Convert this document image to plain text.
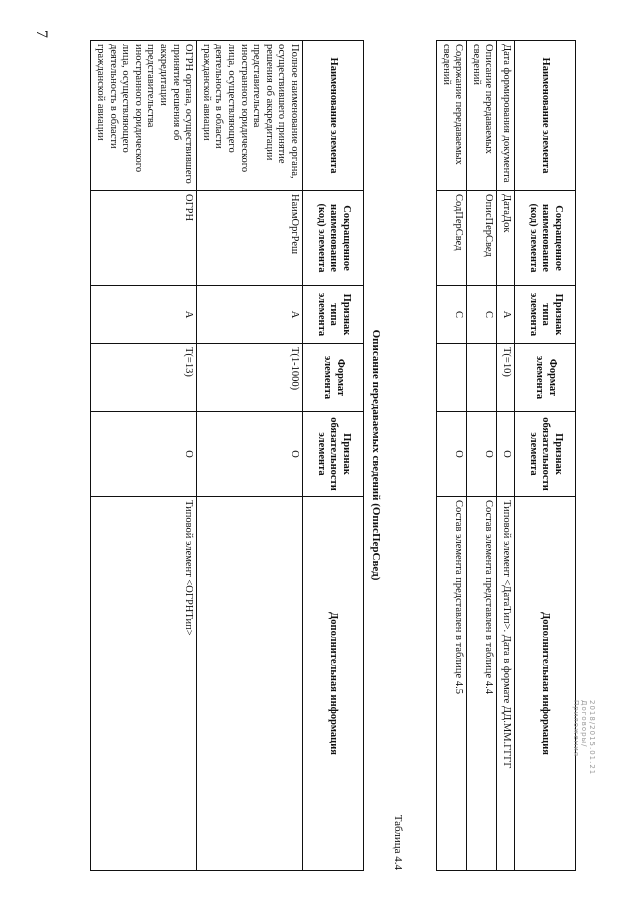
7
Наименование элемента	Сокращенное наименование (код) элемента	Признак типа элемента	Формат элемента	Признак обязательности элемента	Дополнительная информация
Дата формирования документа	ДатаДок	А	Т(=10)	О	Типовой элемент <ДатаТип>. Дата в формате ДД.ММ.ГГГГ
Описание передаваемых сведений	ОписПерСвед	С		О	Состав элемента представлен в таблице 4.4
Содержание передаваемых сведений	СодПерСвед	С		О	Состав элемента представлен в таблице 4.5
Таблица 4.4
Описание передаваемых сведений (ОписПерСвед)
Наименование элемента	Сокращенное наименование (код) элемента	Признак типа элемента	Формат элемента	Признак обязательности элемента	Дополнительная информация
Полное наименование органа, осуществившего принятие решения об аккредитации представительства иностранного юридического лица, осуществляющего деятельность в области гражданской авиации	НаимОргРеш	А	Т(1-1000)	О	
ОГРН органа, осуществившего принятие решения об аккредитации представительства иностранного юридического лица, осуществляющего деятельность в области гражданской авиации	ОГРН	А	Т(=13)	О	Типовой элемент <ОГРНТип>
2018/2015.01.21 Договоры/Приложения
